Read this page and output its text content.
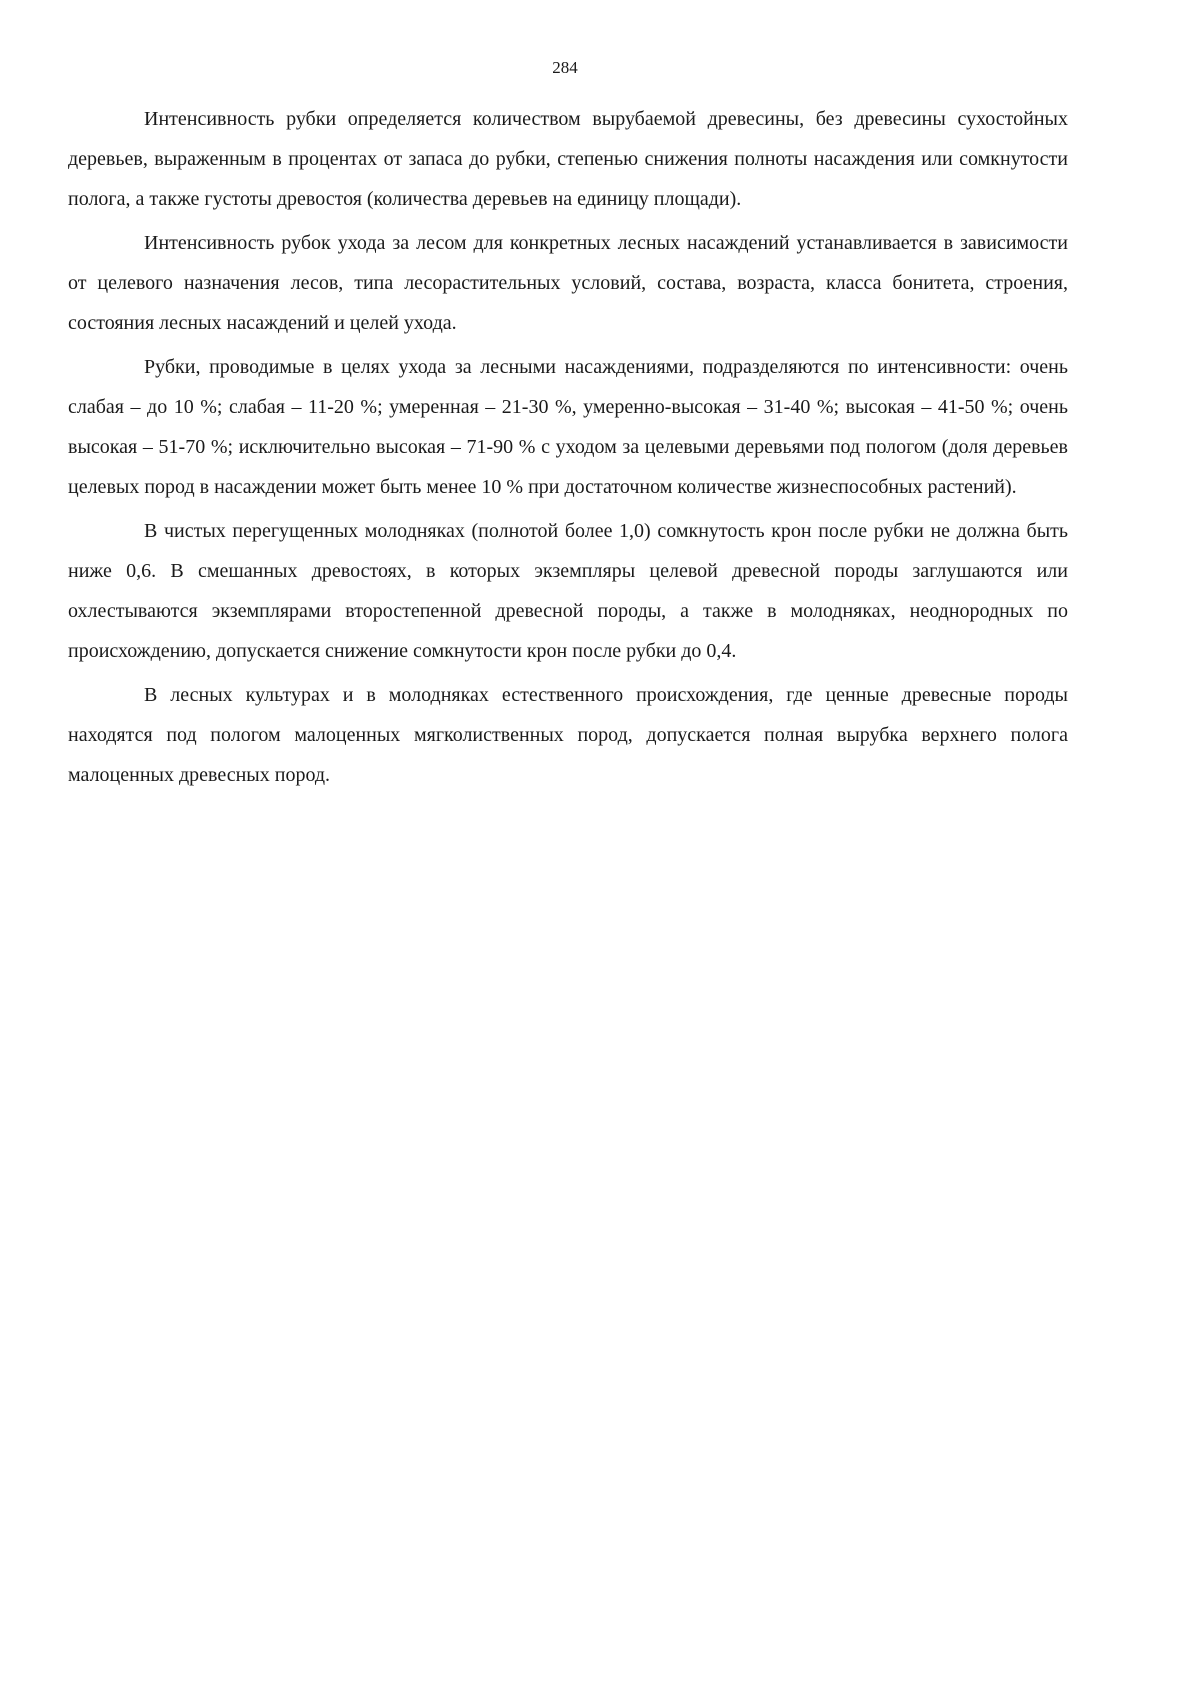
284

Интенсивность рубки определяется количеством вырубаемой древесины, без древесины сухостойных деревьев, выраженным в процентах от запаса до рубки, степенью снижения полноты насаждения или сомкнутости полога, а также густоты древостоя (количества деревьев на единицу площади).

Интенсивность рубок ухода за лесом для конкретных лесных насаждений устанавливается в зависимости от целевого назначения лесов, типа лесорастительных условий, состава, возраста, класса бонитета, строения, состояния лесных насаждений и целей ухода.

Рубки, проводимые в целях ухода за лесными насаждениями, подразделяются по интенсивности: очень слабая – до 10 %; слабая – 11-20 %; умеренная – 21-30 %, умеренно-высокая – 31-40 %; высокая – 41-50 %; очень высокая – 51-70 %; исключительно высокая – 71-90 % с уходом за целевыми деревьями под пологом (доля деревьев целевых пород в насаждении может быть менее 10 % при достаточном количестве жизнеспособных растений).

В чистых перегущенных молодняках (полнотой более 1,0) сомкнутость крон после рубки не должна быть ниже 0,6. В смешанных древостоях, в которых экземпляры целевой древесной породы заглушаются или охлестываются экземплярами второстепенной древесной породы, а также в молодняках, неоднородных по происхождению, допускается снижение сомкнутости крон после рубки до 0,4.

В лесных культурах и в молодняках естественного происхождения, где ценные древесные породы находятся под пологом малоценных мягколиственных пород, допускается полная вырубка верхнего полога малоценных древесных пород.
